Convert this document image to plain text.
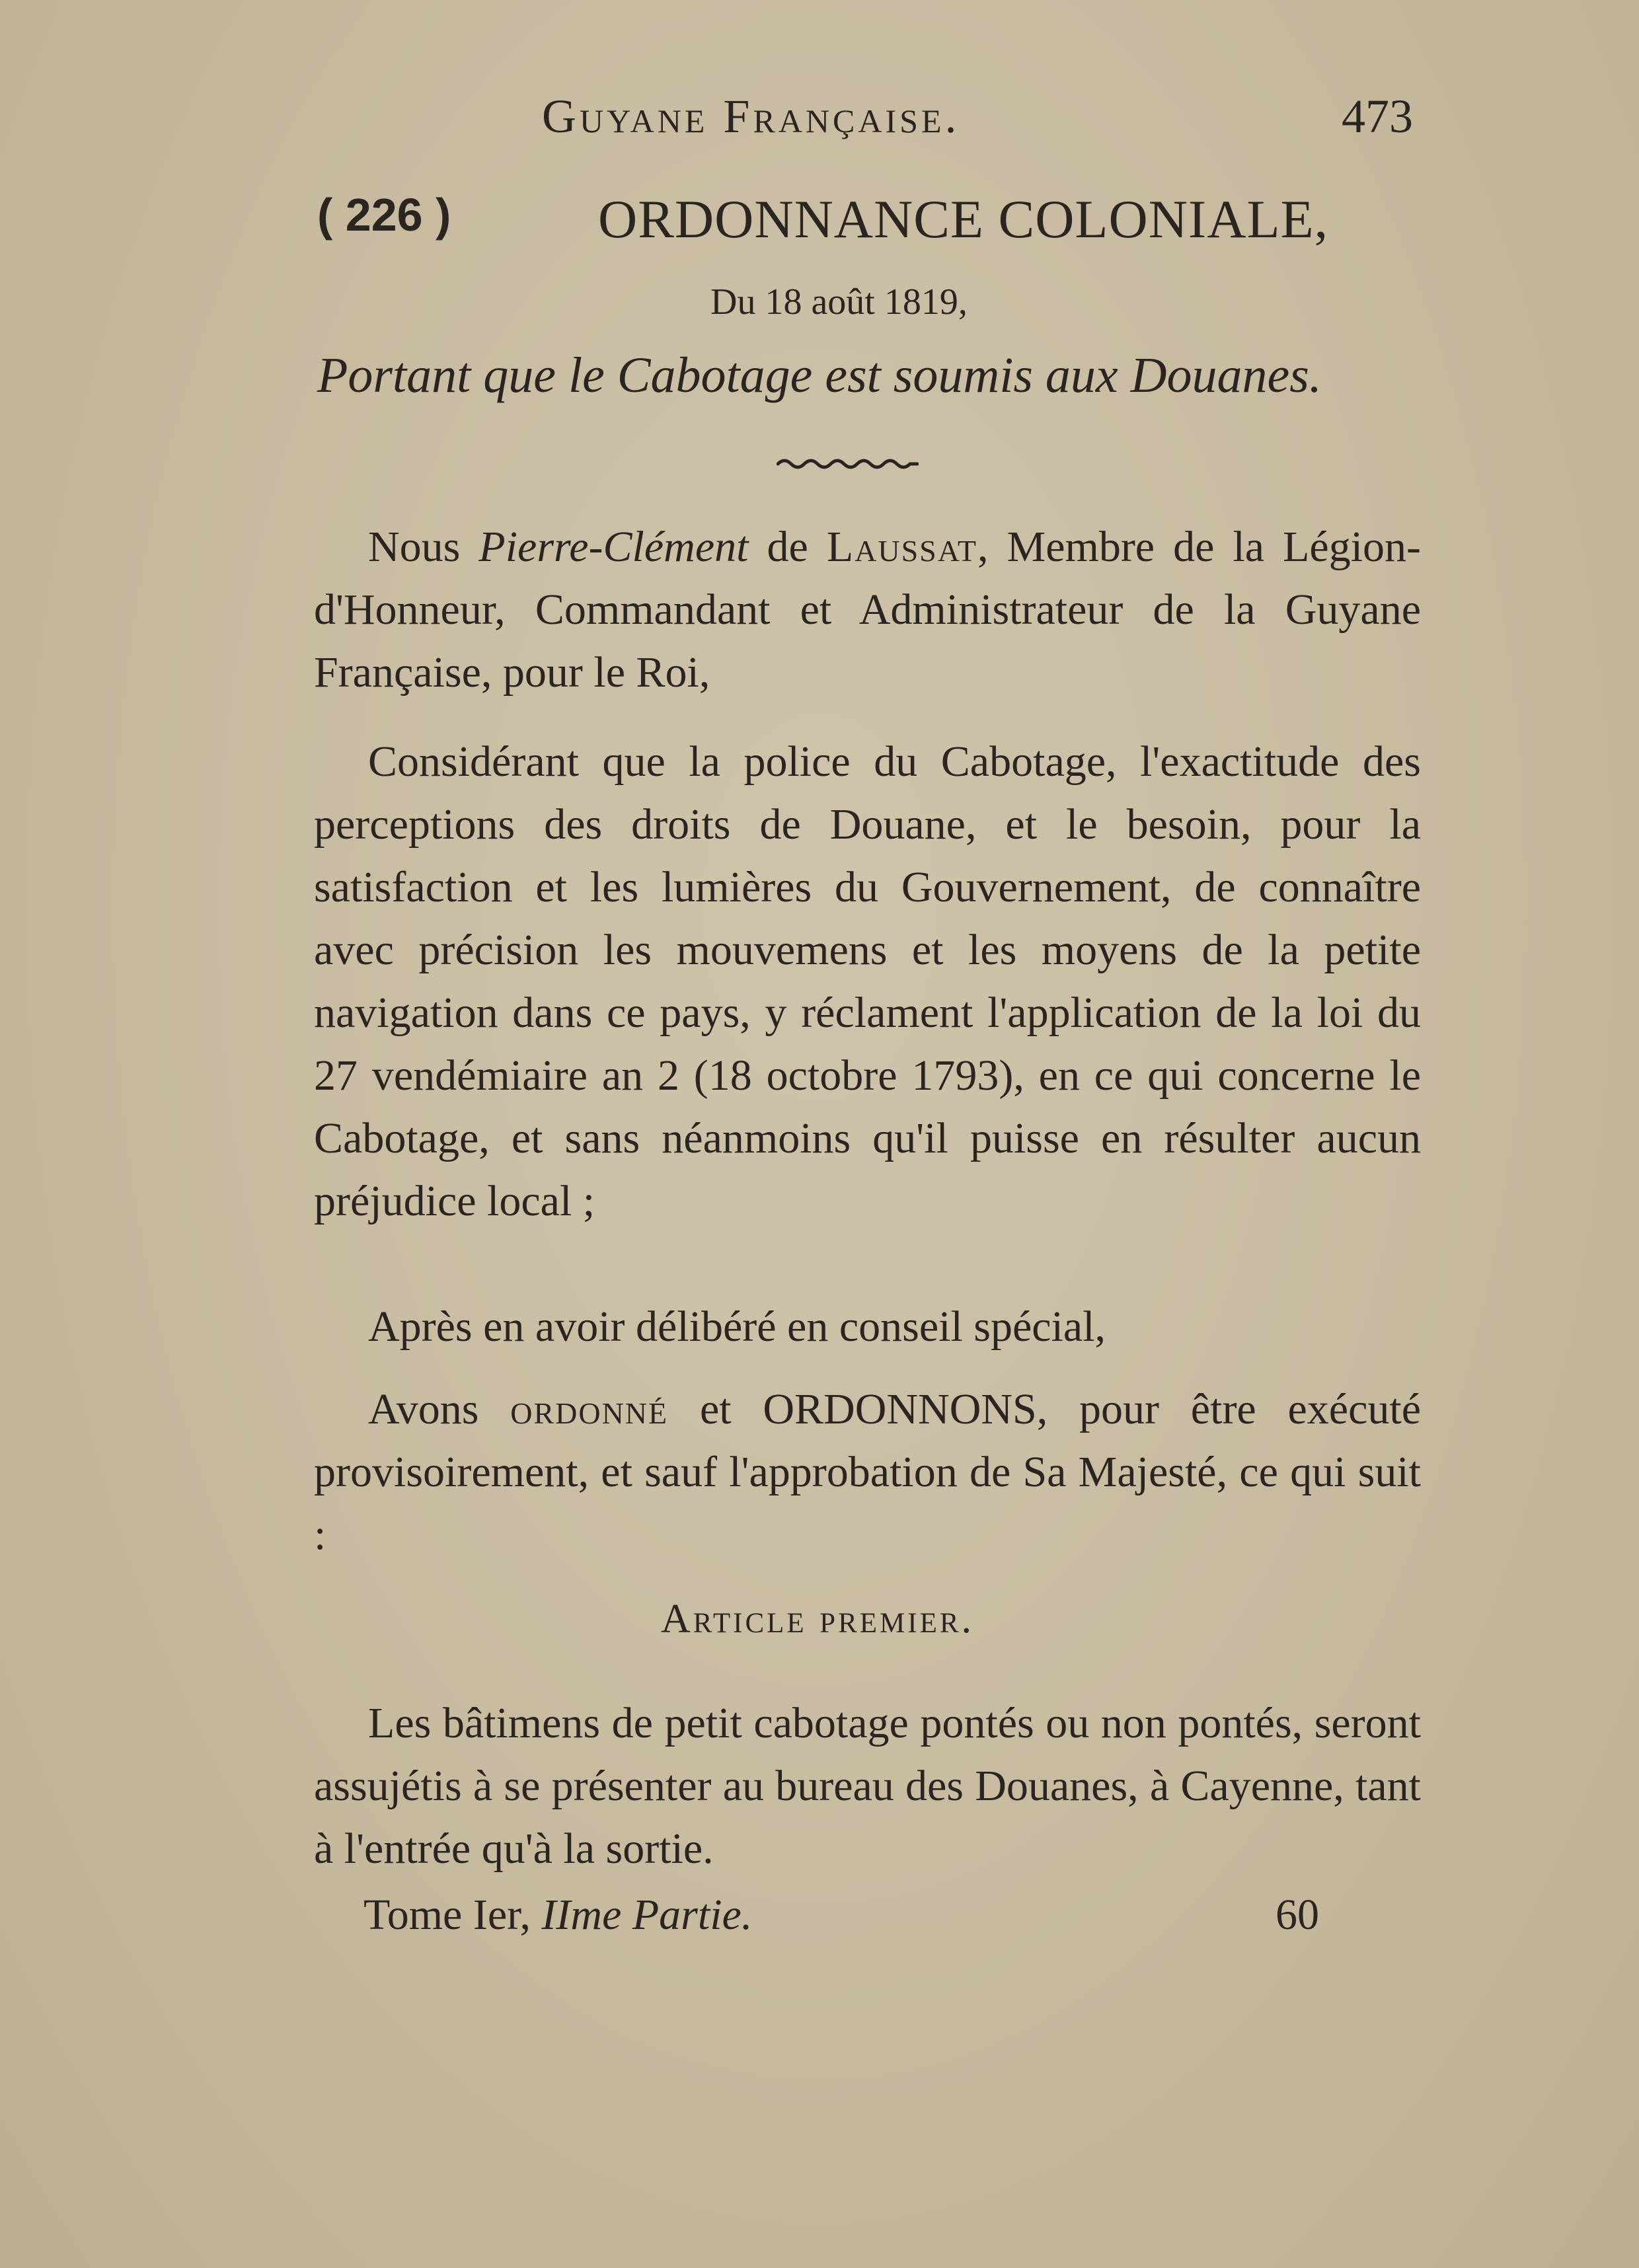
Guyane Française.	473
( 226 )	ORDONNANCE COLONIALE,
Du 18 août 1819,
Portant que le Cabotage est soumis aux Douanes.

Nous Pierre-Clément de Laussat, Membre de la Légion-d'Honneur, Commandant et Administrateur de la Guyane Française, pour le Roi,

Considérant que la police du Cabotage, l'exactitude des perceptions des droits de Douane, et le besoin, pour la satisfaction et les lumières du Gouvernement, de connaître avec précision les mouvemens et les moyens de la petite navigation dans ce pays, y réclament l'application de la loi du 27 vendémiaire an 2 (18 octobre 1793), en ce qui concerne le Cabotage, et sans néanmoins qu'il puisse en résulter aucun préjudice local ;

Après en avoir délibéré en conseil spécial,

Avons ordonné et ORDONNONS, pour être exécuté provisoirement, et sauf l'approbation de Sa Majesté, ce qui suit :

Article premier.

Les bâtimens de petit cabotage pontés ou non pontés, seront assujétis à se présenter au bureau des Douanes, à Cayenne, tant à l'entrée qu'à la sortie.

Tome Ier, IIme Partie.	60
